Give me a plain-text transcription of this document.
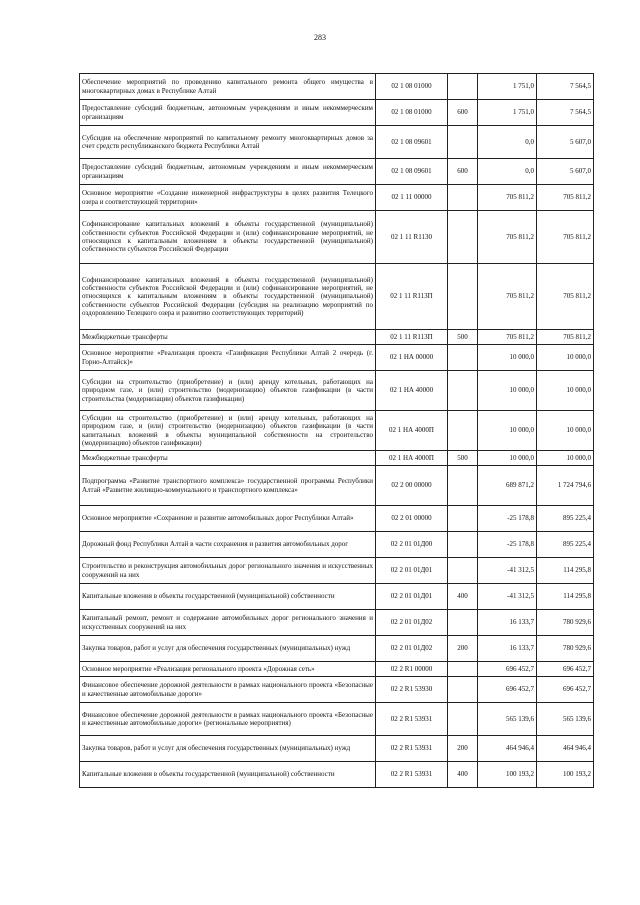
283
Обеспечение мероприятий по проведению капитального ремонта общего имущества в многоквартирных домах в Республике Алтай	02 1 08 01000		1 751,0	7 564,5
Предоставление субсидий бюджетным, автономным учреждениям и иным некоммерческим организациям	02 1 08 01000	600	1 751,0	7 564,5
Субсидия на обеспечение мероприятий по капитальному ремонту многоквартирных домов за счет средств республиканского бюджета Республики Алтай	02 1 08 09601		0,0	5 607,0
Предоставление субсидий бюджетным, автономным учреждениям и иным некоммерческим организациям	02 1 08 09601	600	0,0	5 607,0
Основное мероприятие «Создание инженерной инфраструктуры в целях развития Телецкого озера и соответствующей территории»	02 1 11 00000		705 811,2	705 811,2
Софинансирование капитальных вложений в объекты государственной (муниципальной) собственности субъектов Российской Федерации и (или) софинансирование мероприятий, не относящихся к капитальным вложениям в объекты государственной (муниципальной) собственности субъектов Российской Федерации	02 1 11 R1130		705 811,2	705 811,2
Софинансирование капитальных вложений в объекты государственной (муниципальной) собственности субъектов Российской Федерации и (или) софинансирование мероприятий, не относящихся к капитальным вложениям в объекты государственной (муниципальной) собственности субъектов Российской Федерации (субсидия на реализацию мероприятий по оздоровлению Телецкого озера и развитию соответствующих территорий)	02 1 11 R113П		705 811,2	705 811,2
Межбюджетные трансферты	02 1 11 R113П	500	705 811,2	705 811,2
Основное мероприятие «Реализация проекта «Газификация Республики Алтай 2 очередь (г. Горно-Алтайск)»	02 1 НА 00000		10 000,0	10 000,0
Субсидии на строительство (приобретение) и (или) аренду котельных, работающих на природном газе, и (или) строительство (модернизацию) объектов газификации (в части строительства (модернизации) объектов газификации)	02 1 НА 40000		10 000,0	10 000,0
Субсидии на строительство (приобретение) и (или) аренду котельных, работающих на природном газе, и (или) строительство (модернизацию) объектов газификации (в части капитальных вложений в объекты муниципальной собственности на строительство (модернизацию) объектов газификации)	02 1 НА 4000П		10 000,0	10 000,0
Межбюджетные трансферты	02 1 НА 4000П	500	10 000,0	10 000,0
Подпрограмма «Развитие транспортного комплекса» государственной программы Республики Алтай «Развитие жилищно-коммунального и транспортного комплекса»	02 2 00 00000		689 871,2	1 724 794,6
Основное мероприятие «Сохранение и развитие автомобильных дорог Республики Алтай»	02 2 01 00000		-25 178,8	895 225,4
Дорожный фонд Республики Алтай в части сохранения и развития автомобильных дорог	02 2 01 01Д00		-25 178,8	895 225,4
Строительство и реконструкция автомобильных дорог регионального значения и искусственных сооружений на них	02 2 01 01Д01		-41 312,5	114 295,8
Капитальные вложения в объекты государственной (муниципальной) собственности	02 2 01 01Д01	400	-41 312,5	114 295,8
Капитальный ремонт, ремонт и содержание автомобильных дорог регионального значения и искусственных сооружений на них	02 2 01 01Д02		16 133,7	780 929,6
Закупка товаров, работ и услуг для обеспечения государственных (муниципальных) нужд	02 2 01 01Д02	200	16 133,7	780 929,6
Основное мероприятие «Реализация регионального проекта «Дорожная сеть»	02 2 R1 00000		696 452,7	696 452,7
Финансовое обеспечение дорожной деятельности в рамках национального проекта «Безопасные и качественные автомобильные дороги»	02 2 R1 53930		696 452,7	696 452,7
Финансовое обеспечение дорожной деятельности в рамках национального проекта «Безопасные и качественные автомобильные дороги» (региональные мероприятия)	02 2 R1 53931		565 139,6	565 139,6
Закупка товаров, работ и услуг для обеспечения государственных (муниципальных) нужд	02 2 R1 53931	200	464 946,4	464 946,4
Капитальные вложения в объекты государственной (муниципальной) собственности	02 2 R1 53931	400	100 193,2	100 193,2
